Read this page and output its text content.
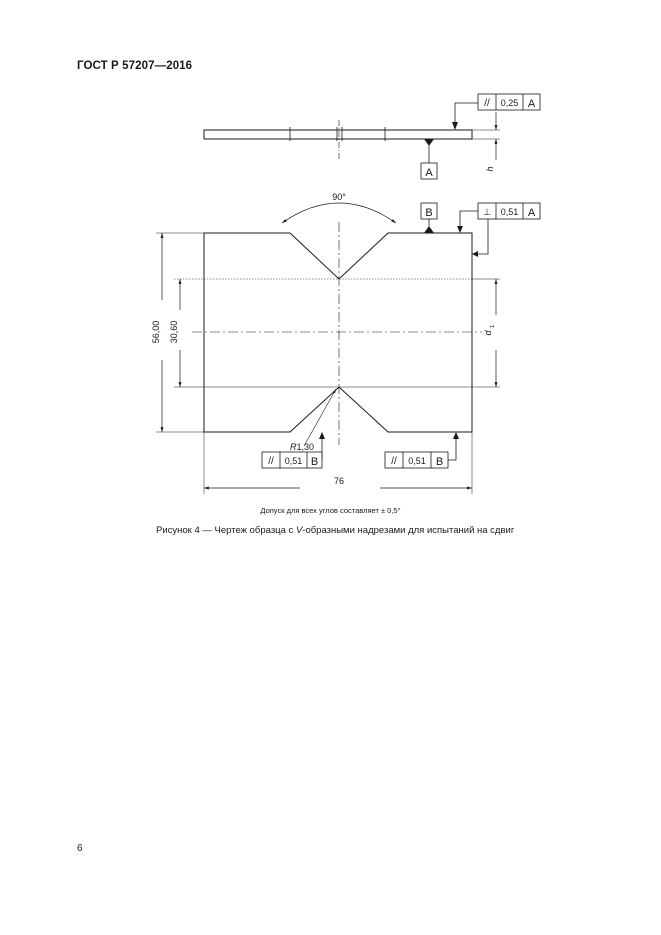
ГОСТ Р 57207—2016
// 0,25 A
A	h
90°
B	⊥ 0,51 A
56,00 30,60	d
1
R1,30
// 0,51 B	// 0,51 B
76
Допуск для всех углов составляет ± 0,5°
Рисунок 4 — Чертеж образца с V-образными надрезами для испытаний на сдвиг
6
